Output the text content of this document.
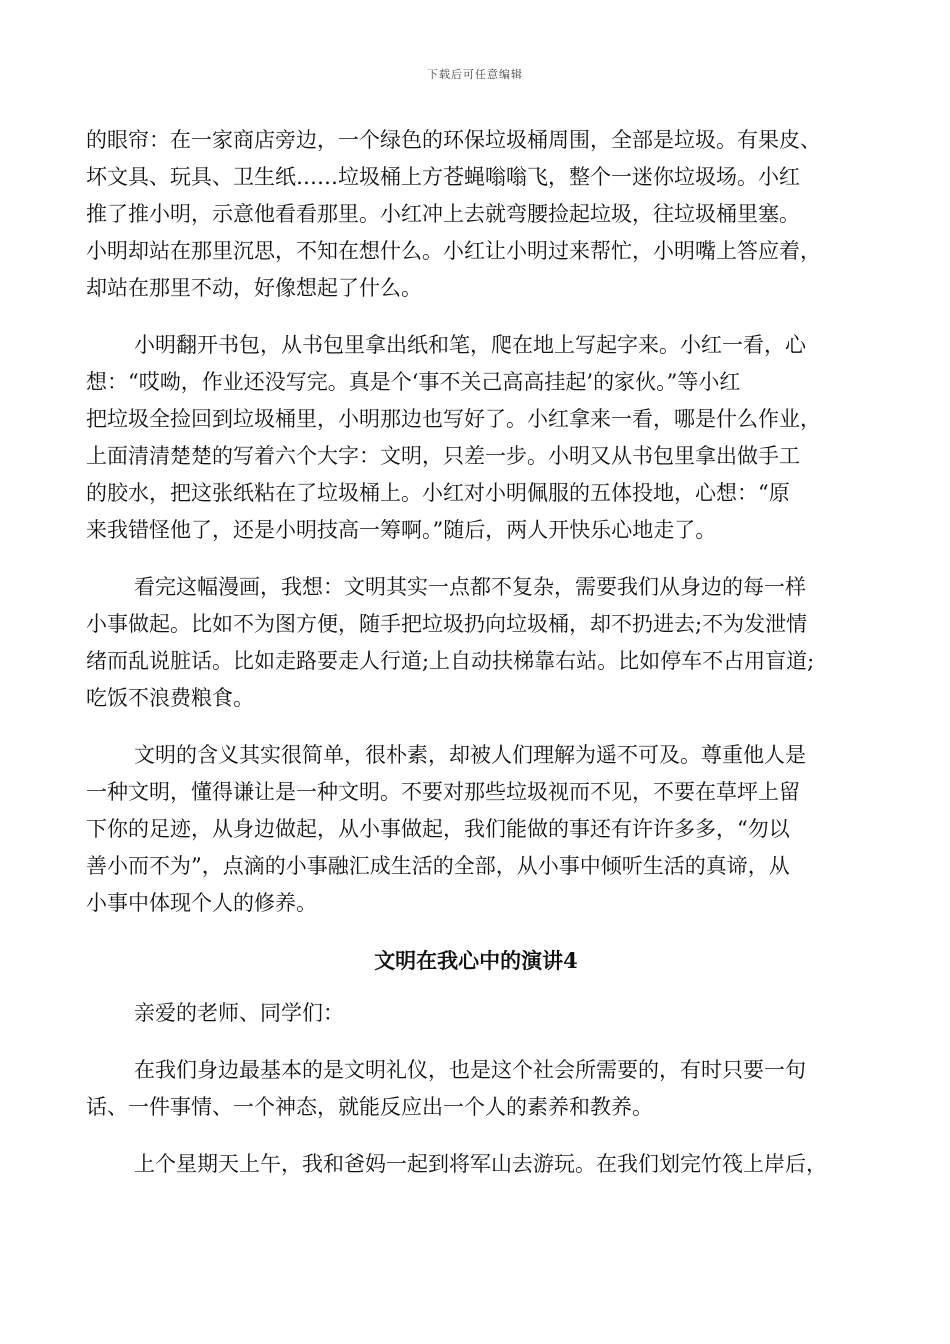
下载后可任意编辑
的眼帘：在一家商店旁边，一个绿色的环保垃圾桶周围，全部是垃圾。有果皮、
坏文具、玩具、卫生纸……垃圾桶上方苍蝇嗡嗡飞，整个一迷你垃圾场。小红
推了推小明，示意他看看那里。小红冲上去就弯腰捡起垃圾，往垃圾桶里塞。
小明却站在那里沉思，不知在想什么。小红让小明过来帮忙，小明嘴上答应着，
却站在那里不动，好像想起了什么。
小明翻开书包，从书包里拿出纸和笔，爬在地上写起字来。小红一看，心
想：“哎呦，作业还没写完。真是个‘事不关己高高挂起’的家伙。”等小红
把垃圾全捡回到垃圾桶里，小明那边也写好了。小红拿来一看，哪是什么作业，
上面清清楚楚的写着六个大字：文明，只差一步。小明又从书包里拿出做手工
的胶水，把这张纸粘在了垃圾桶上。小红对小明佩服的五体投地，心想：“原
来我错怪他了，还是小明技高一筹啊。”随后，两人开快乐心地走了。
看完这幅漫画，我想：文明其实一点都不复杂，需要我们从身边的每一样
小事做起。比如不为图方便，随手把垃圾扔向垃圾桶，却不扔进去;不为发泄情
绪而乱说脏话。比如走路要走人行道;上自动扶梯靠右站。比如停车不占用盲道;
吃饭不浪费粮食。
文明的含义其实很简单，很朴素，却被人们理解为遥不可及。尊重他人是
一种文明，懂得谦让是一种文明。不要对那些垃圾视而不见，不要在草坪上留
下你的足迹，从身边做起，从小事做起，我们能做的事还有许许多多，“勿以
善小而不为”，点滴的小事融汇成生活的全部，从小事中倾听生活的真谛，从
小事中体现个人的修养。
文明在我心中的演讲4
亲爱的老师、同学们：
在我们身边最基本的是文明礼仪，也是这个社会所需要的，有时只要一句
话、一件事情、一个神态，就能反应出一个人的素养和教养。
上个星期天上午，我和爸妈一起到将军山去游玩。在我们划完竹筏上岸后，
